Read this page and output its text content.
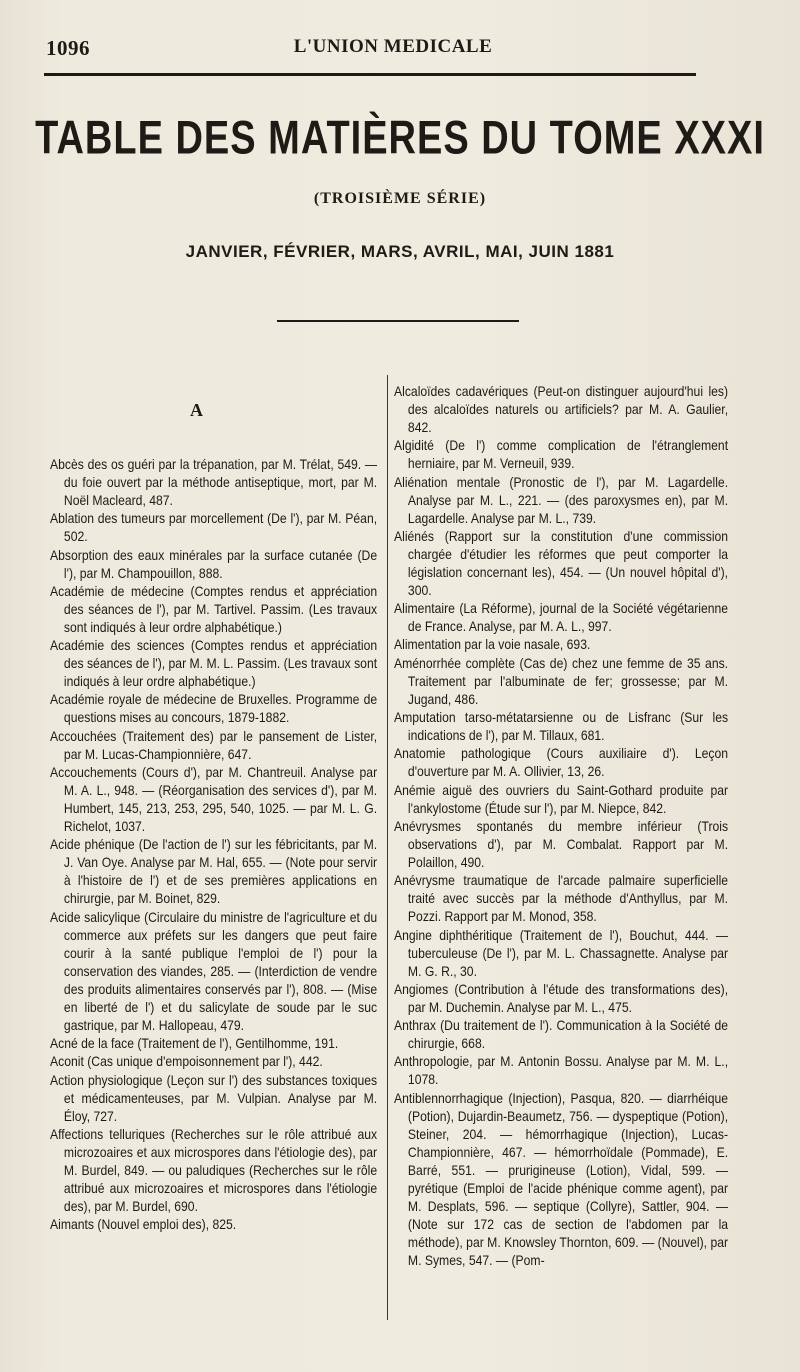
1096	L'UNION MEDICALE
TABLE DES MATIÈRES DU TOME XXXI
(TROISIÈME SÉRIE)
JANVIER, FÉVRIER, MARS, AVRIL, MAI, JUIN 1881
A

Abcès des os guéri par la trépanation, par M. Trélat, 549. — du foie ouvert par la méthode antiseptique, mort, par M. Noël Macleard, 487.

Ablation des tumeurs par morcellement (De l'), par M. Péan, 502.

Absorption des eaux minérales par la surface cutanée (De l'), par M. Champouillon, 888.

Académie de médecine (Comptes rendus et appréciation des séances de l'), par M. Tartivel. Passim. (Les travaux sont indiqués à leur ordre alphabétique.)

Académie des sciences (Comptes rendus et appréciation des séances de l'), par M. M. L. Passim. (Les travaux sont indiqués à leur ordre alphabétique.)

Académie royale de médecine de Bruxelles. Programme de questions mises au concours, 1879-1882.

Accouchées (Traitement des) par le pansement de Lister, par M. Lucas-Championnière, 647.

Accouchements (Cours d'), par M. Chantreuil. Analyse par M. A. L., 948. — (Réorganisation des services d'), par M. Humbert, 145, 213, 253, 295, 540, 1025. — par M. L. G. Richelot, 1037.

Acide phénique (De l'action de l') sur les fébricitants, par M. J. Van Oye. Analyse par M. Hal, 655. — (Note pour servir à l'histoire de l') et de ses premières applications en chirurgie, par M. Boinet, 829.

Acide salicylique (Circulaire du ministre de l'agriculture et du commerce aux préfets sur les dangers que peut faire courir à la santé publique l'emploi de l') pour la conservation des viandes, 285. — (Interdiction de vendre des produits alimentaires conservés par l'), 808. — (Mise en liberté de l') et du salicylate de soude par le suc gastrique, par M. Hallopeau, 479.

Acné de la face (Traitement de l'), Gentilhomme, 191.

Aconit (Cas unique d'empoisonnement par l'), 442.

Action physiologique (Leçon sur l') des substances toxiques et médicamenteuses, par M. Vulpian. Analyse par M. Éloy, 727.

Affections telluriques (Recherches sur le rôle attribué aux microzoaires et aux microspores dans l'étiologie des), par M. Burdel, 849. — ou paludiques (Recherches sur le rôle attribué aux microzoaires et microspores dans l'étiologie des), par M. Burdel, 690.

Aimants (Nouvel emploi des), 825.

Alcaloïdes cadavériques (Peut-on distinguer aujourd'hui les) des alcaloïdes naturels ou artificiels? par M. A. Gaulier, 842.

Algidité (De l') comme complication de l'étranglement herniaire, par M. Verneuil, 939.

Aliénation mentale (Pronostic de l'), par M. Lagardelle. Analyse par M. L., 221. — (des paroxysmes en), par M. Lagardelle. Analyse par M. L., 739.

Aliénés (Rapport sur la constitution d'une commission chargée d'étudier les réformes que peut comporter la législation concernant les), 454. — (Un nouvel hôpital d'), 300.

Alimentaire (La Réforme), journal de la Société végétarienne de France. Analyse, par M. A. L., 997.

Alimentation par la voie nasale, 693.

Aménorrhée complète (Cas de) chez une femme de 35 ans. Traitement par l'albuminate de fer; grossesse; par M. Jugand, 486.

Amputation tarso-métatarsienne ou de Lisfranc (Sur les indications de l'), par M. Tillaux, 681.

Anatomie pathologique (Cours auxiliaire d'). Leçon d'ouverture par M. A. Ollivier, 13, 26.

Anémie aiguë des ouvriers du Saint-Gothard produite par l'ankylostome (Étude sur l'), par M. Niepce, 842.

Anévrysmes spontanés du membre inférieur (Trois observations d'), par M. Combalat. Rapport par M. Polaillon, 490.

Anévrysme traumatique de l'arcade palmaire superficielle traité avec succès par la méthode d'Anthyllus, par M. Pozzi. Rapport par M. Monod, 358.

Angine diphthéritique (Traitement de l'), Bouchut, 444. — tuberculeuse (De l'), par M. L. Chassagnette. Analyse par M. G. R., 30.

Angiomes (Contribution à l'étude des transformations des), par M. Duchemin. Analyse par M. L., 475.

Anthrax (Du traitement de l'). Communication à la Société de chirurgie, 668.

Anthropologie, par M. Antonin Bossu. Analyse par M. M. L., 1078.

Antiblennorrhagique (Injection), Pasqua, 820. — diarrhéique (Potion), Dujardin-Beaumetz, 756. — dyspeptique (Potion), Steiner, 204. — hémorrhagique (Injection), Lucas-Championnière, 467. — hémorrhoïdale (Pommade), E. Barré, 551. — prurigineuse (Lotion), Vidal, 599. — pyrétique (Emploi de l'acide phénique comme agent), par M. Desplats, 596. — septique (Collyre), Sattler, 904. — (Note sur 172 cas de section de l'abdomen par la méthode), par M. Knowsley Thornton, 609. — (Nouvel), par M. Symes, 547. — (Pom-
